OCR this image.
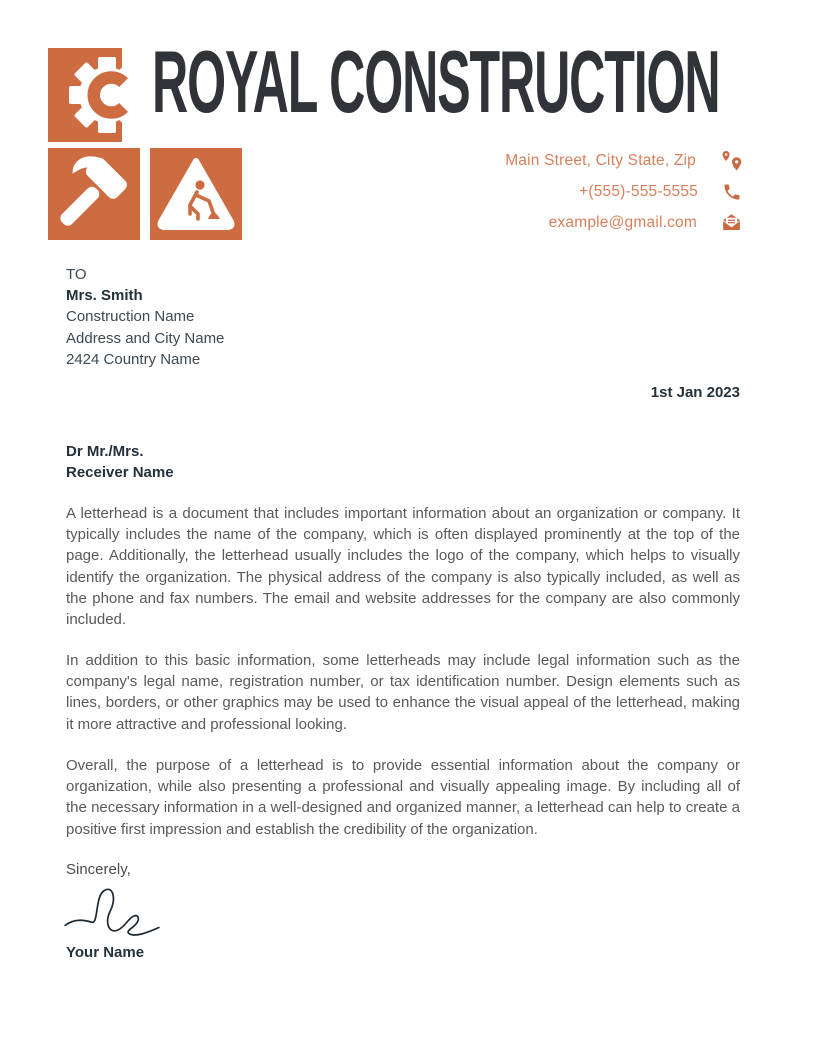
ROYAL CONSTRUCTION
Main Street, City State, Zip
+(555)-555-5555
example@gmail.com
TO
Mrs. Smith
Construction Name
Address and City Name
2424 Country Name
1st Jan 2023
Dr Mr./Mrs.
Receiver Name

A letterhead is a document that includes important information about an organization or company. It typically includes the name of the company, which is often displayed prominently at the top of the page. Additionally, the letterhead usually includes the logo of the company, which helps to visually identify the organization. The physical address of the company is also typically included, as well as the phone and fax numbers. The email and website addresses for the company are also commonly included.

In addition to this basic information, some letterheads may include legal information such as the company's legal name, registration number, or tax identification number. Design elements such as lines, borders, or other graphics may be used to enhance the visual appeal of the letterhead, making it more attractive and professional looking.

Overall, the purpose of a letterhead is to provide essential information about the company or organization, while also presenting a professional and visually appealing image. By including all of the necessary information in a well-designed and organized manner, a letterhead can help to create a positive first impression and establish the credibility of the organization.

Sincerely,
Your Name
